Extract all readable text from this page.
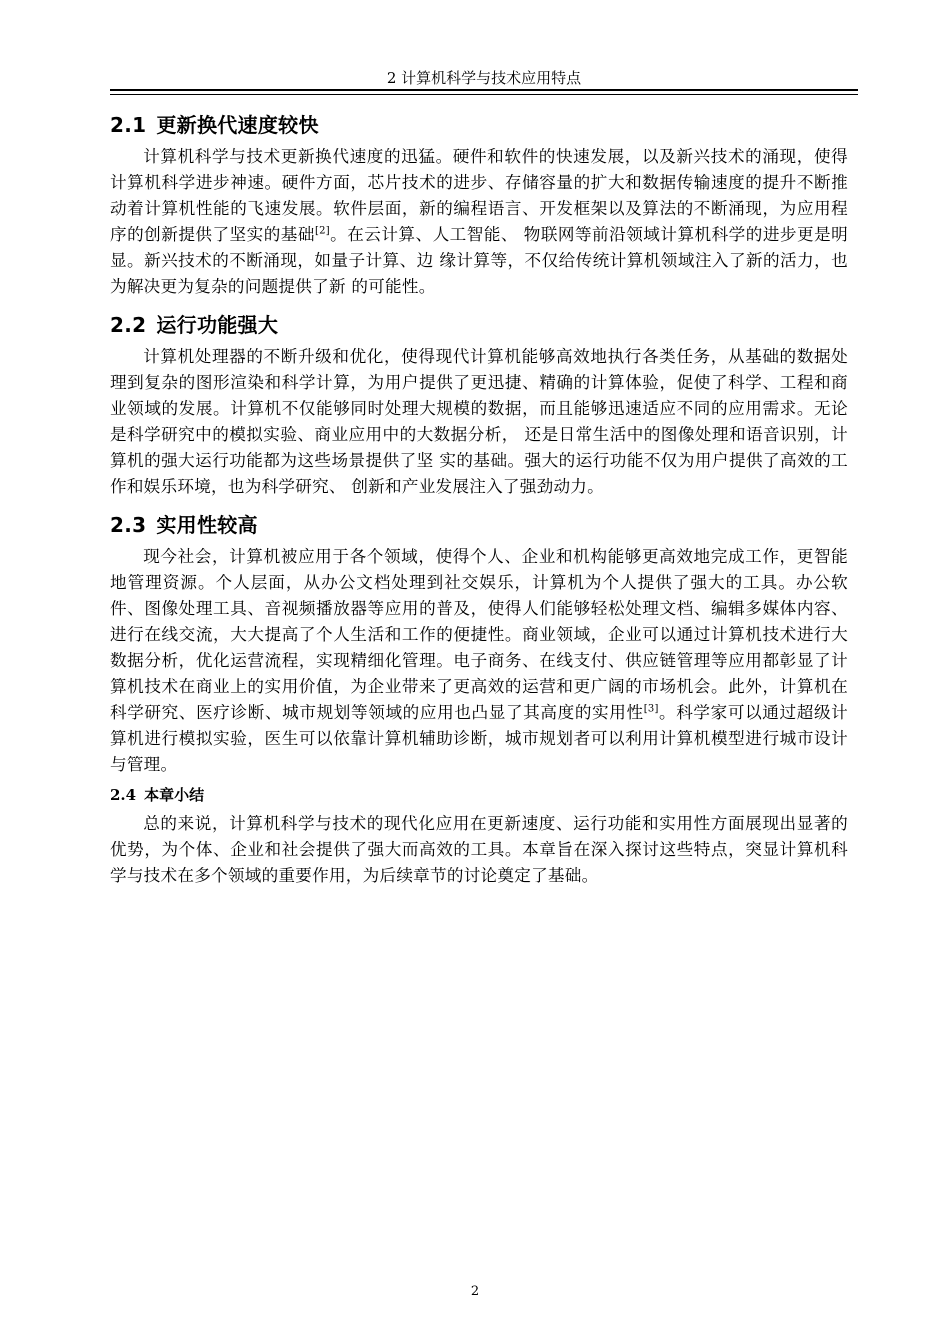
2 计算机科学与技术应用特点
2.1 更新换代速度较快

计算机科学与技术更新换代速度的迅猛。硬件和软件的快速发展，以及新兴技术的涌现，使得计算机科学进步神速。硬件方面，芯片技术的进步、存储容量的扩大和数据传输速度的提升不断推动着计算机性能的飞速发展。软件层面，新的编程语言、开发框架以及算法的不断涌现，为应用程序的创新提供了坚实的基础[2]。在云计算、人工智能、 物联网等前沿领域计算机科学的进步更是明显。新兴技术的不断涌现，如量子计算、边 缘计算等，不仅给传统计算机领域注入了新的活力，也为解决更为复杂的问题提供了新 的可能性。

2.2 运行功能强大

计算机处理器的不断升级和优化，使得现代计算机能够高效地执行各类任务，从基础的数据处理到复杂的图形渲染和科学计算，为用户提供了更迅捷、精确的计算体验，促使了科学、工程和商业领域的发展。计算机不仅能够同时处理大规模的数据，而且能够迅速适应不同的应用需求。无论是科学研究中的模拟实验、商业应用中的大数据分析， 还是日常生活中的图像处理和语音识别，计算机的强大运行功能都为这些场景提供了坚 实的基础。强大的运行功能不仅为用户提供了高效的工作和娱乐环境，也为科学研究、 创新和产业发展注入了强劲动力。

2.3 实用性较高

现今社会，计算机被应用于各个领域，使得个人、企业和机构能够更高效地完成工作，更智能地管理资源。个人层面，从办公文档处理到社交娱乐，计算机为个人提供了强大的工具。办公软件、图像处理工具、音视频播放器等应用的普及，使得人们能够轻松处理文档、编辑多媒体内容、进行在线交流，大大提高了个人生活和工作的便捷性。商业领域，企业可以通过计算机技术进行大数据分析，优化运营流程，实现精细化管理。电子商务、在线支付、供应链管理等应用都彰显了计算机技术在商业上的实用价值，为企业带来了更高效的运营和更广阔的市场机会。此外，计算机在科学研究、医疗诊断、城市规划等领域的应用也凸显了其高度的实用性[3]。科学家可以通过超级计算机进行模拟实验，医生可以依靠计算机辅助诊断，城市规划者可以利用计算机模型进行城市设计与管理。

2.4 本章小结

总的来说，计算机科学与技术的现代化应用在更新速度、运行功能和实用性方面展现出显著的优势，为个体、企业和社会提供了强大而高效的工具。本章旨在深入探讨这些特点，突显计算机科学与技术在多个领域的重要作用，为后续章节的讨论奠定了基础。

2
